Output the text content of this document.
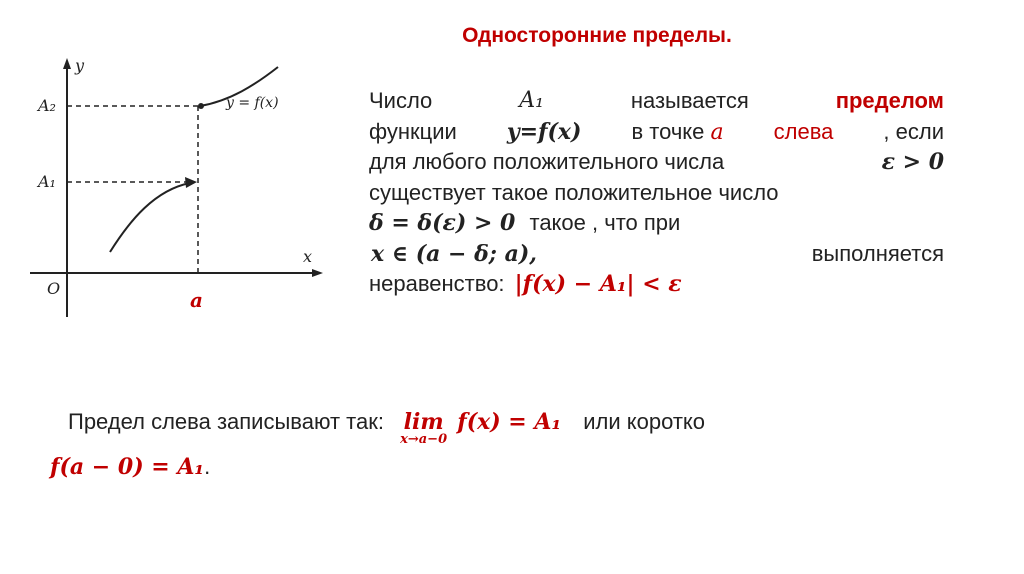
Односторонние пределы.
y
x
O
A₂
A₁
y = f(x)
a
Число	A₁	называется	пределом
функции y=f(x) в точке a слева , если
для любого положительного числа	ε > 0
существует такое положительное число
δ = δ(ε) > 0 такое , что при
x ∈ (a − δ; a),	выполняется
неравенство: |f(x) − A₁| < ε
Предел слева записывают так: lim
x→a−0
f(x) = A₁ или коротко
f(a − 0) = A₁.
